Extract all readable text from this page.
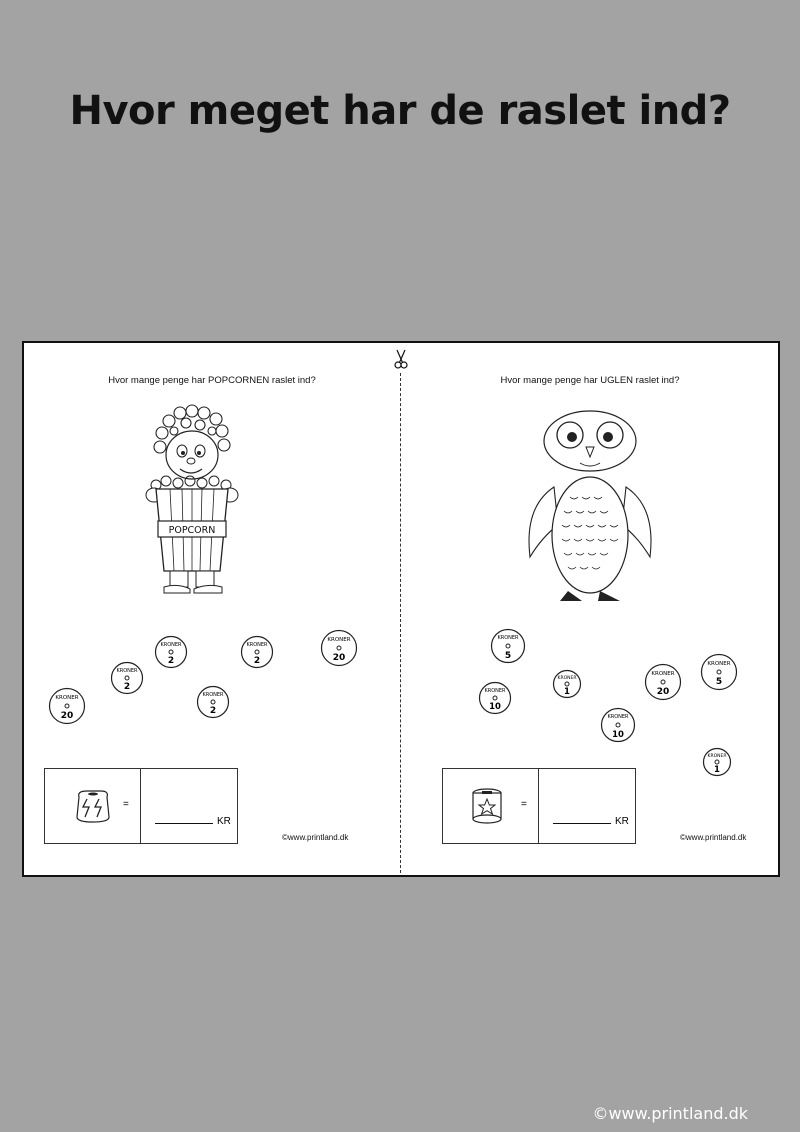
Hvor meget har de raslet ind?
Hvor mange penge har POPCORNEN raslet ind?
POPCORN
KRONER
2
KRONER
2
KRONER
2
KRONER
2
KRONER
20
KRONER
20
=
KR
©www.printland.dk
Hvor mange penge har UGLEN raslet ind?
KRONER
5
KRONER
10
KRONER
1
KRONER
10
KRONER
20
KRONER
5
KRONER
1
=
KR
©www.printland.dk
©www.printland.dk
